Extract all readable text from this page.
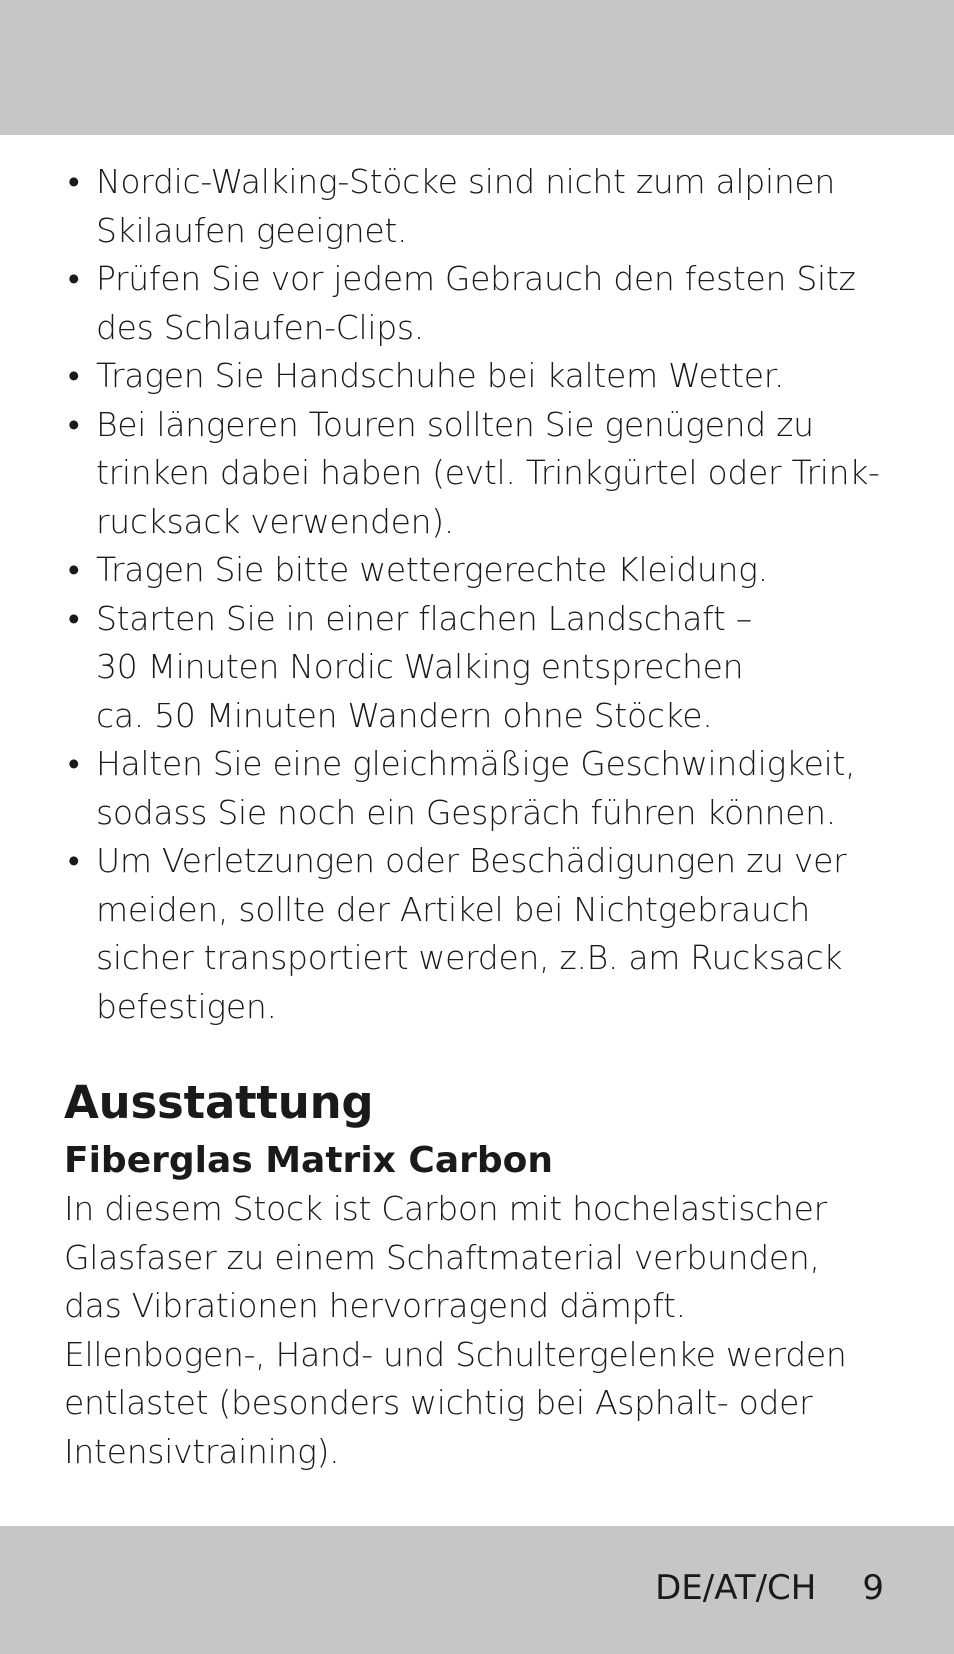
• Nordic-Walking-Stöcke sind nicht zum alpinen
Skilaufen geeignet.
• Prüfen Sie vor jedem Gebrauch den festen Sitz
des Schlaufen-Clips.
• Tragen Sie Handschuhe bei kaltem Wetter.
• Bei längeren Touren sollten Sie genügend zu
trinken dabei haben (evtl. Trinkgürtel oder Trink-
rucksack verwenden).
• Tragen Sie bitte wettergerechte Kleidung.
• Starten Sie in einer flachen Landschaft –
30 Minuten Nordic Walking entsprechen
ca. 50 Minuten Wandern ohne Stöcke.
• Halten Sie eine gleichmäßige Geschwindigkeit,
sodass Sie noch ein Gespräch führen können.
• Um Verletzungen oder Beschädigungen zu ver
meiden, sollte der Artikel bei Nichtgebrauch
sicher transportiert werden, z.B. am Rucksack
befestigen.
Ausstattung
Fiberglas Matrix Carbon

In diesem Stock ist Carbon mit hochelastischer
Glasfaser zu einem Schaftmaterial verbunden,
das Vibrationen hervorragend dämpft.
Ellenbogen-, Hand- und Schultergelenke werden
entlastet (besonders wichtig bei Asphalt- oder
Intensivtraining).

DE/AT/CH 9
